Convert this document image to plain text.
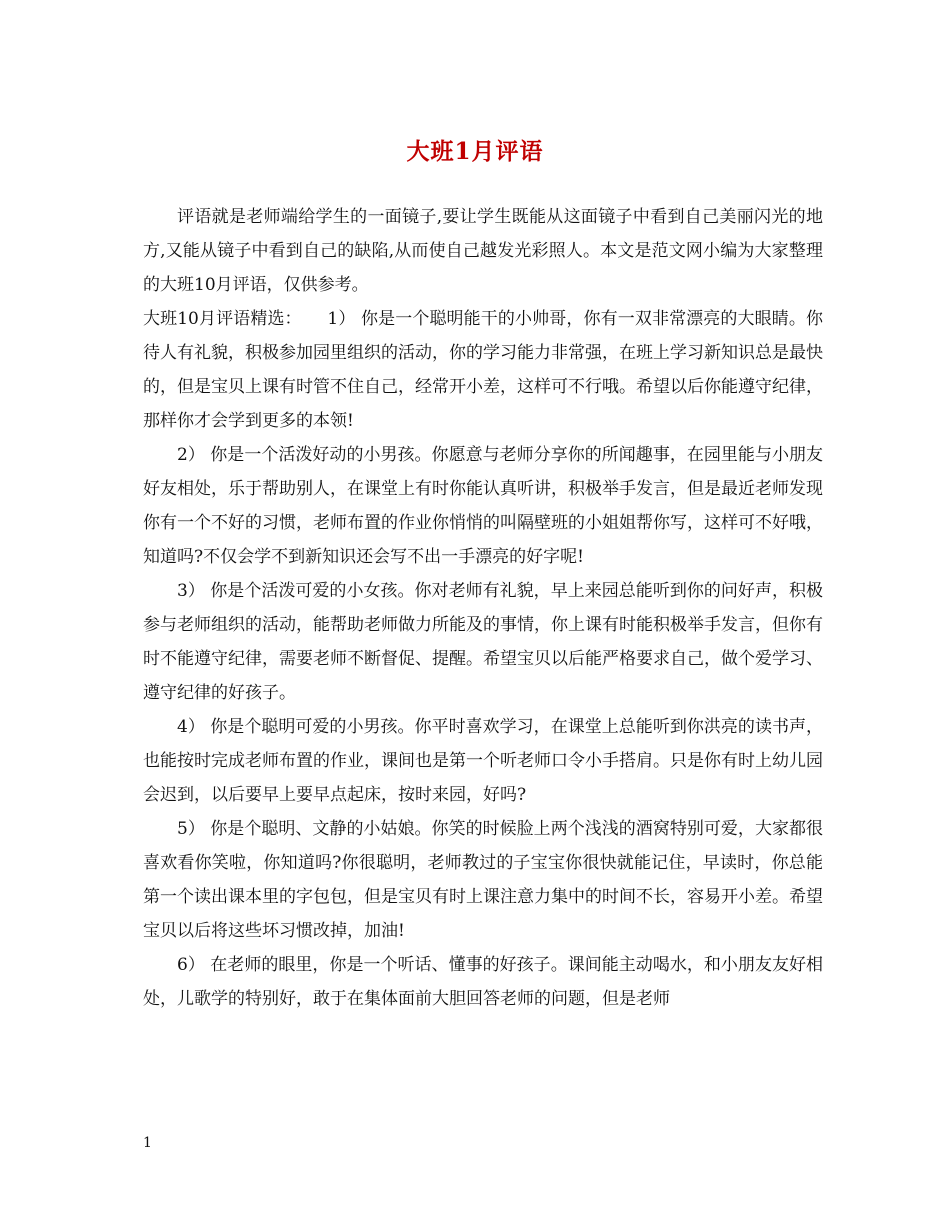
大班1月评语

评语就是老师端给学生的一面镜子,要让学生既能从这面镜子中看到自己美丽闪光的地方,又能从镜子中看到自己的缺陷,从而使自己越发光彩照人。本文是范文网小编为大家整理的大班10月评语，仅供参考。

大班10月评语精选：　　1） 你是一个聪明能干的小帅哥，你有一双非常漂亮的大眼睛。你待人有礼貌，积极参加园里组织的活动，你的学习能力非常强，在班上学习新知识总是最快的，但是宝贝上课有时管不住自己，经常开小差，这样可不行哦。希望以后你能遵守纪律，那样你才会学到更多的本领!

2） 你是一个活泼好动的小男孩。你愿意与老师分享你的所闻趣事，在园里能与小朋友好友相处，乐于帮助别人，在课堂上有时你能认真听讲，积极举手发言，但是最近老师发现你有一个不好的习惯，老师布置的作业你悄悄的叫隔壁班的小姐姐帮你写，这样可不好哦，知道吗?不仅会学不到新知识还会写不出一手漂亮的好字呢!

3） 你是个活泼可爱的小女孩。你对老师有礼貌，早上来园总能听到你的问好声，积极参与老师组织的活动，能帮助老师做力所能及的事情，你上课有时能积极举手发言，但你有时不能遵守纪律，需要老师不断督促、提醒。希望宝贝以后能严格要求自己，做个爱学习、遵守纪律的好孩子。

4） 你是个聪明可爱的小男孩。你平时喜欢学习，在课堂上总能听到你洪亮的读书声，也能按时完成老师布置的作业，课间也是第一个听老师口令小手搭肩。只是你有时上幼儿园会迟到，以后要早上要早点起床，按时来园，好吗?

5） 你是个聪明、文静的小姑娘。你笑的时候脸上两个浅浅的酒窝特别可爱，大家都很喜欢看你笑啦，你知道吗?你很聪明，老师教过的子宝宝你很快就能记住，早读时，你总能第一个读出课本里的字包包，但是宝贝有时上课注意力集中的时间不长，容易开小差。希望宝贝以后将这些坏习惯改掉，加油!

6） 在老师的眼里，你是一个听话、懂事的好孩子。课间能主动喝水，和小朋友友好相处，儿歌学的特别好，敢于在集体面前大胆回答老师的问题，但是老师

1
